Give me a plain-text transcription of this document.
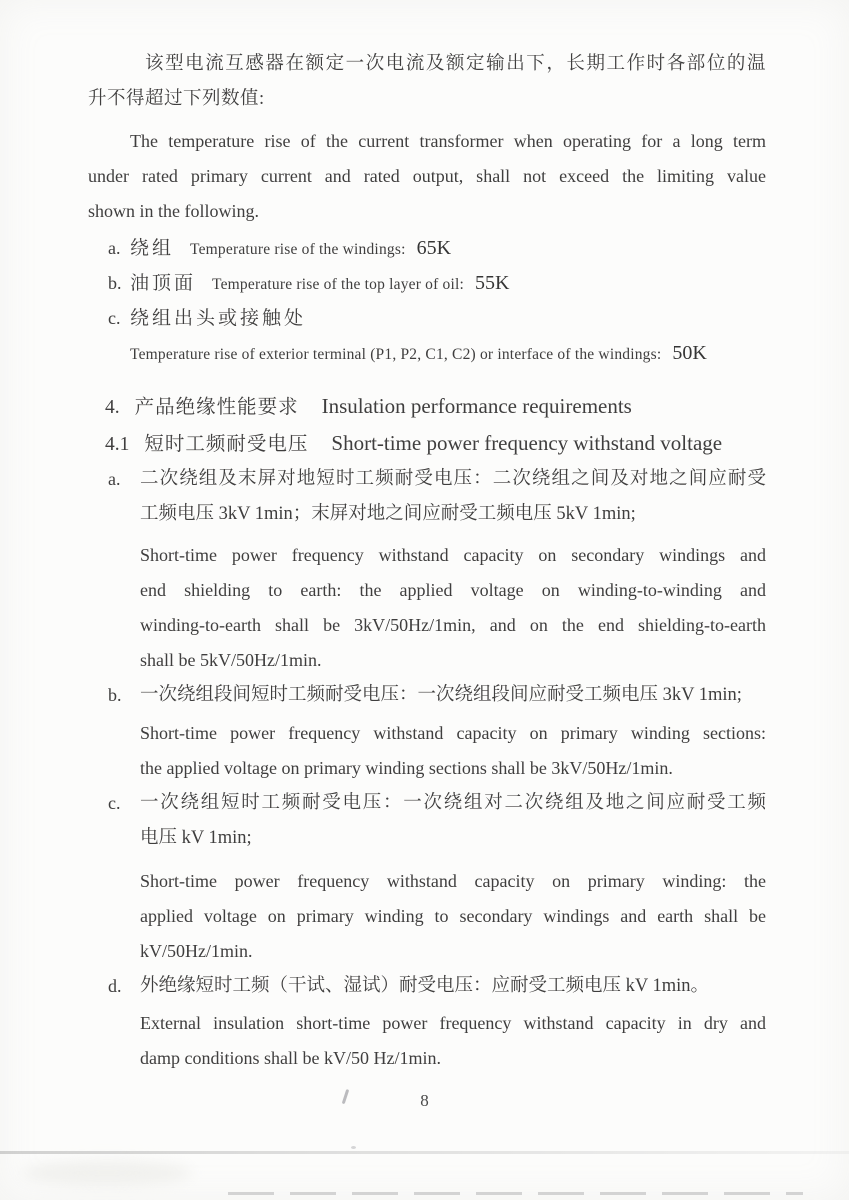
该型电流互感器在额定一次电流及额定输出下，长期工作时各部位的温
升不得超过下列数值:
The temperature rise of the current transformer when operating for a long term
under rated primary current and rated output, shall not exceed the limiting value
shown in the following.
a. 绕组 Temperature rise of the windings: 65K
b. 油顶面 Temperature rise of the top layer of oil: 55K
c. 绕组出头或接触处
Temperature rise of exterior terminal (P1, P2, C1, C2) or interface of the windings: 50K
4. 产品绝缘性能要求 Insulation performance requirements
4.1 短时工频耐受电压 Short-time power frequency withstand voltage
a. 二次绕组及末屏对地短时工频耐受电压：二次绕组之间及对地之间应耐受
工频电压 3kV 1min；末屏对地之间应耐受工频电压 5kV 1min;
Short-time power frequency withstand capacity on secondary windings and
end shielding to earth: the applied voltage on winding-to-winding and
winding-to-earth shall be 3kV/50Hz/1min, and on the end shielding-to-earth
shall be 5kV/50Hz/1min.
b. 一次绕组段间短时工频耐受电压：一次绕组段间应耐受工频电压 3kV 1min;
Short-time power frequency withstand capacity on primary winding sections:
the applied voltage on primary winding sections shall be 3kV/50Hz/1min.
c. 一次绕组短时工频耐受电压：一次绕组对二次绕组及地之间应耐受工频
电压 kV 1min;
Short-time power frequency withstand capacity on primary winding: the
applied voltage on primary winding to secondary windings and earth shall be
kV/50Hz/1min.
d. 外绝缘短时工频（干试、湿试）耐受电压：应耐受工频电压 kV 1min。
External insulation short-time power frequency withstand capacity in dry and
damp conditions shall be kV/50 Hz/1min.
8
